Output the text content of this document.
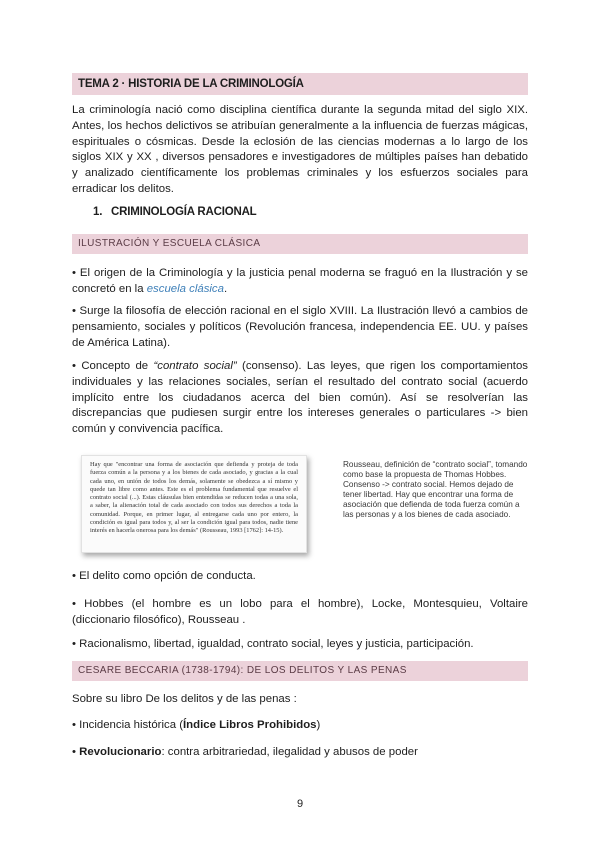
TEMA 2 · HISTORIA DE LA CRIMINOLOGÍA

La criminología nació como disciplina científica durante la segunda mitad del siglo XIX. Antes, los hechos delictivos se atribuían generalmente a la influencia de fuerzas mágicas, espirituales o cósmicas. Desde la eclosión de las ciencias modernas a lo largo de los siglos XIX y XX , diversos pensadores e investigadores de múltiples países han debatido y analizado científicamente los problemas criminales y los esfuerzos sociales para erradicar los delitos.

1. CRIMINOLOGÍA RACIONAL
ILUSTRACIÓN Y ESCUELA CLÁSICA

• El origen de la Criminología y la justicia penal moderna se fraguó en la Ilustración y se concretó en la escuela clásica.

• Surge la filosofía de elección racional en el siglo XVIII. La Ilustración llevó a cambios de pensamiento, sociales y políticos (Revolución francesa, independencia EE. UU. y países de América Latina).

• Concepto de “contrato social” (consenso). Las leyes, que rigen los comportamientos individuales y las relaciones sociales, serían el resultado del contrato social (acuerdo implícito entre los ciudadanos acerca del bien común). Así se resolverían las discrepancias que pudiesen surgir entre los intereses generales o particulares -> bien común y convivencia pacífica.

Hay que "encontrar una forma de asociación que defienda y proteja de toda fuerza común a la persona y a los bienes de cada asociado, y gracias a la cual cada uno, en unión de todos los demás, solamente se obedezca a sí mismo y quede tan libre como antes. Este es el problema fundamental que resuelve el contrato social (...). Estas cláusulas bien entendidas se reducen todas a una sola, a saber, la alienación total de cada asociado con todos sus derechos a toda la comunidad. Porque, en primer lugar, al entregarse cada uno por entero, la condición es igual para todos y, al ser la condición igual para todos, nadie tiene interés en hacerla onerosa para los demás" (Rousseau, 1993 [1762]: 14-15).
Rousseau, definición de “contrato social”, tomando como base la propuesta de Thomas Hobbes. Consenso -> contrato social. Hemos dejado de tener libertad. Hay que encontrar una forma de asociación que defienda de toda fuerza común a las personas y a los bienes de cada asociado.

• El delito como opción de conducta.

• Hobbes (el hombre es un lobo para el hombre), Locke, Montesquieu, Voltaire (diccionario filosófico), Rousseau .

• Racionalismo, libertad, igualdad, contrato social, leyes y justicia, participación.

CESARE BECCARIA (1738-1794): DE LOS DELITOS Y LAS PENAS

Sobre su libro De los delitos y de las penas :

• Incidencia histórica (Índice Libros Prohibidos)

• Revolucionario: contra arbitrariedad, ilegalidad y abusos de poder

9
